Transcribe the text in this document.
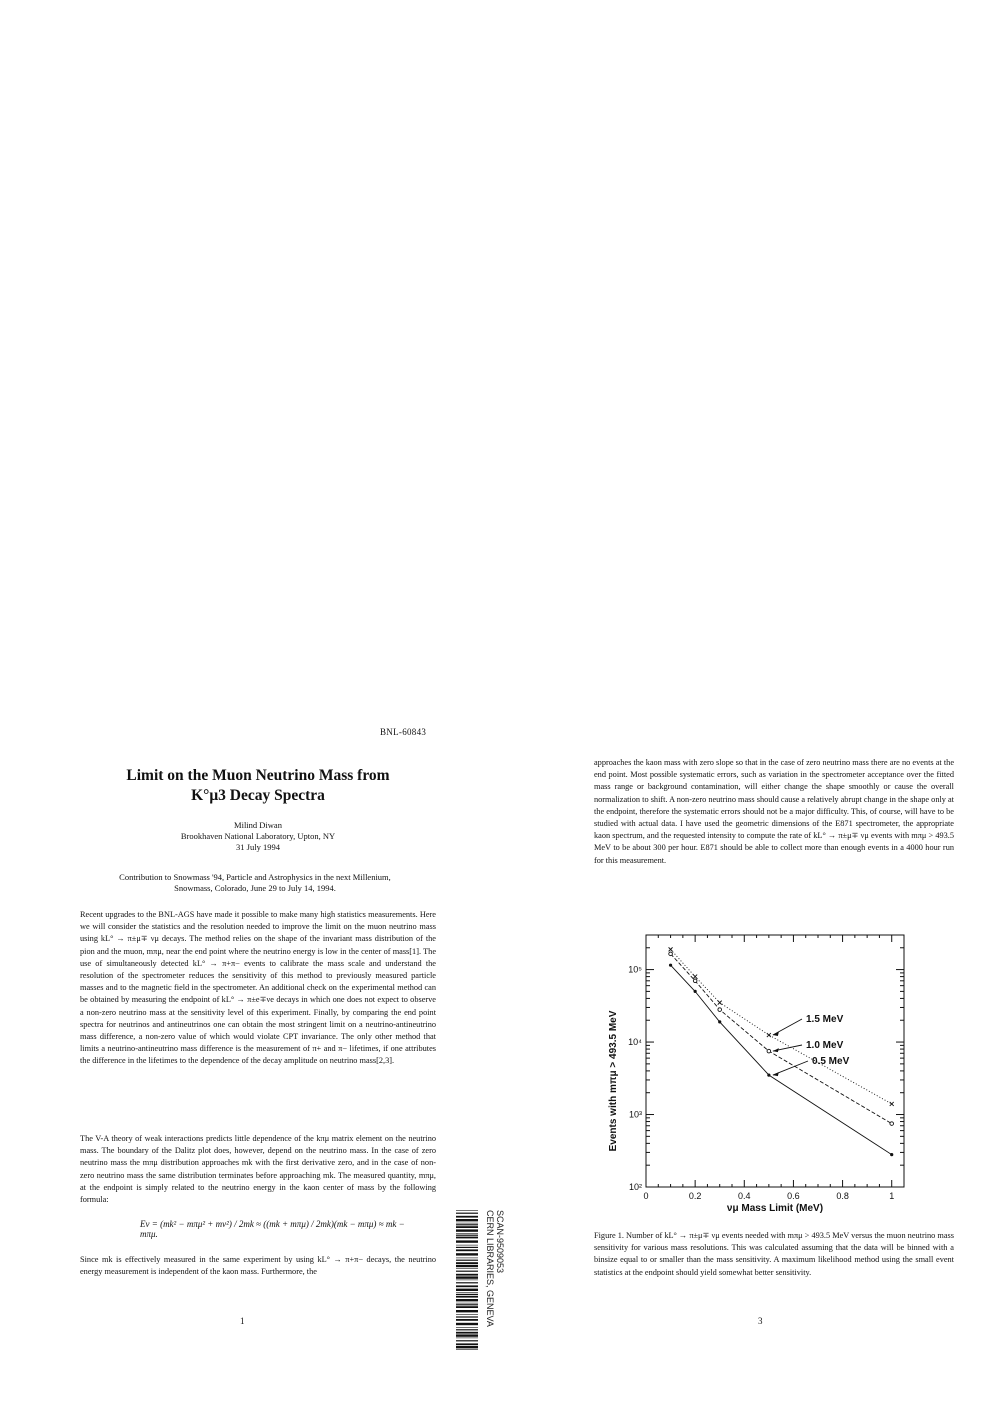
BNL-60843
Limit on the Muon Neutrino Mass from
K°μ3 Decay Spectra
Milind Diwan
Brookhaven National Laboratory, Upton, NY
31 July 1994
Contribution to Snowmass '94, Particle and Astrophysics in the next Millenium,
Snowmass, Colorado, June 29 to July 14, 1994.

Recent upgrades to the BNL-AGS have made it possible to make many high statistics measurements. Here we will consider the statistics and the resolution needed to improve the limit on the muon neutrino mass using kL° → π±μ∓ νμ decays. The method relies on the shape of the invariant mass distribution of the pion and the muon, mπμ, near the end point where the neutrino energy is low in the center of mass[1]. The use of simultaneously detected kL° → π+π− events to calibrate the mass scale and understand the resolution of the spectrometer reduces the sensitivity of this method to previously measured particle masses and to the magnetic field in the spectrometer. An additional check on the experimental method can be obtained by measuring the endpoint of kL° → π±e∓νe decays in which one does not expect to observe a non-zero neutrino mass at the sensitivity level of this experiment. Finally, by comparing the end point spectra for neutrinos and antineutrinos one can obtain the most stringent limit on a neutrino-antineutrino mass difference, a non-zero value of which would violate CPT invariance. The only other method that limits a neutrino-antineutrino mass difference is the measurement of π+ and π− lifetimes, if one attributes the difference in the lifetimes to the dependence of the decay amplitude on neutrino mass[2,3].

The V-A theory of weak interactions predicts little dependence of the kπμ matrix element on the neutrino mass. The boundary of the Dalitz plot does, however, depend on the neutrino mass. In the case of zero neutrino mass the mπμ distribution approaches mk with the first derivative zero, and in the case of non-zero neutrino mass the same distribution terminates before approaching mk. The measured quantity, mπμ, at the endpoint is simply related to the neutrino energy in the kaon center of mass by the following formula:

Eν = (mk² − mπμ² + mν²) / 2mk ≈ ((mk + mπμ) / 2mk)(mk − mπμ) ≈ mk − mπμ.

Since mk is effectively measured in the same experiment by using kL° → π+π− decays, the neutrino energy measurement is independent of the kaon mass. Furthermore, the

1	CERN LIBRARIES, GENEVA SCAN-9509053

approaches the kaon mass with zero slope so that in the case of zero neutrino mass there are no events at the end point. Most possible systematic errors, such as variation in the spectrometer acceptance over the fitted mass range or background contamination, will either change the shape smoothly or cause the overall normalization to shift. A non-zero neutrino mass should cause a relatively abrupt change in the shape only at the endpoint, therefore the systematic errors should not be a major difficulty. This, of course, will have to be studied with actual data. I have used the geometric dimensions of the E871 spectrometer, the appropriate kaon spectrum, and the requested intensity to compute the rate of kL° → π±μ∓ νμ events with mπμ > 493.5 MeV to be about 300 per hour. E871 should be able to collect more than enough events in a 4000 hour run for this measurement.

0	0.2	0.4	0.6	0.8	1
10²
10³
10⁴
10⁵
1.5 MeV
1.0 MeV
0.5 MeV
Events with mπμ > 493.5 MeV
νμ Mass Limit (MeV)

Figure 1. Number of kL° → π±μ∓ νμ events needed with mπμ > 493.5 MeV versus the muon neutrino mass sensitivity for various mass resolutions. This was calculated assuming that the data will be binned with a binsize equal to or smaller than the mass sensitivity. A maximum likelihood method using the small event statistics at the endpoint should yield somewhat better sensitivity.

3
